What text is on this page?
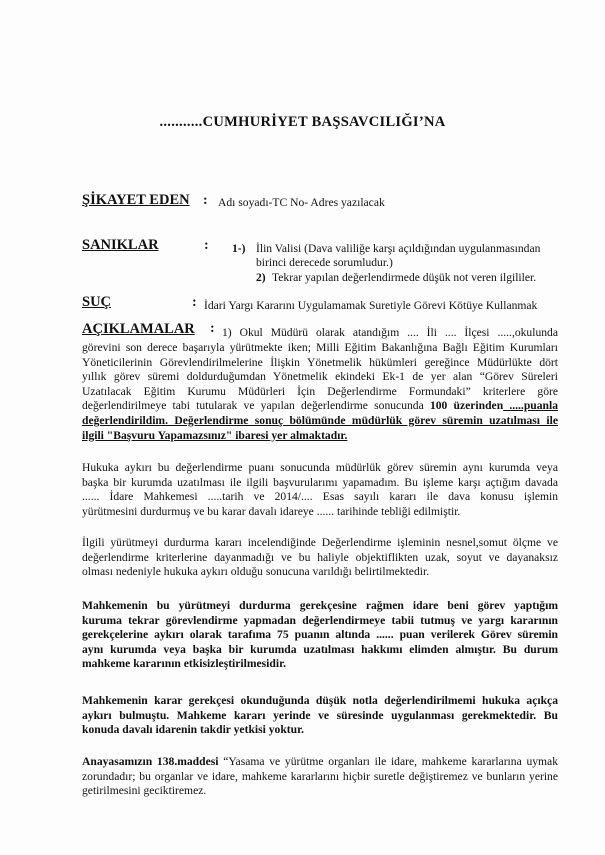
...........CUMHURİYET BAŞSAVCILIĞI’NA
ŞİKAYET EDEN : Adı soyadı-TC No- Adres yazılacak
SANIKLAR	: 1-) İlin Valisi (Dava valiliğe karşı açıldığından uygulanmasından
birinci derecede sorumludur.)
2) Tekrar yapılan değerlendirmede düşük not veren ilgililer.
SUÇ	: İdari Yargı Kararını Uygulamamak Suretiyle Görevi Kötüye Kullanmak
AÇIKLAMALAR : 1) Okul Müdürü olarak atandığım .... İli .... İlçesi .....,okulunda
görevini son derece başarıyla yürütmekte iken; Milli Eğitim Bakanlığına Bağlı Eğitim Kurumları
Yöneticilerinin Görevlendirilmelerine İlişkin Yönetmelik hükümleri gereğince Müdürlükte dört
yıllık görev süremi doldurduğumdan Yönetmelik ekindeki Ek-1 de yer alan “Görev Süreleri
Uzatılacak Eğitim Kurumu Müdürleri İçin Değerlendirme Formundaki” kriterlere göre
değerlendirilmeye tabi tutularak ve yapılan değerlendirme sonucunda 100 üzerinden .....puanla
değerlendirildim. Değerlendirme sonuç bölümünde müdürlük görev süremin uzatılması ile
ilgili "Başvuru Yapamazsınız" ibaresi yer almaktadır.
Hukuka aykırı bu değerlendirme puanı sonucunda müdürlük görev süremin aynı kurumda veya
başka bir kurumda uzatılması ile ilgili başvurularımı yapamadım. Bu işleme karşı açtığım davada
...... İdare Mahkemesi .....tarih ve 2014/.... Esas sayılı kararı ile dava konusu işlemin
yürütmesini durdurmuş ve bu karar davalı idareye ...... tarihinde tebliği edilmiştir.
İlgili yürütmeyi durdurma kararı incelendiğinde Değerlendirme işleminin nesnel,somut ölçme ve
değerlendirme kriterlerine dayanmadığı ve bu haliyle objektiflikten uzak, soyut ve dayanaksız
olması nedeniyle hukuka aykırı olduğu sonucuna varıldığı belirtilmektedir.
Mahkemenin bu yürütmeyi durdurma gerekçesine rağmen idare beni görev yaptığım
kuruma tekrar görevlendirme yapmadan değerlendirmeye tabii tutmuş ve yargı kararının
gerekçelerine aykırı olarak tarafıma 75 puanın altında ...... puan verilerek Görev süremin
aynı kurumda veya başka bir kurumda uzatılması hakkımı elimden almıştır. Bu durum
mahkeme kararının etkisizleştirilmesidir.
Mahkemenin karar gerekçesi okunduğunda düşük notla değerlendirilmemi hukuka açıkça
aykırı bulmuştu. Mahkeme kararı yerinde ve süresinde uygulanması gerekmektedir. Bu
konuda davalı idarenin takdir yetkisi yoktur.
Anayasamızın 138.maddesi “Yasama ve yürütme organları ile idare, mahkeme kararlarına uymak
zorundadır; bu organlar ve idare, mahkeme kararlarını hiçbir suretle değiştiremez ve bunların yerine
getirilmesini geciktiremez.
